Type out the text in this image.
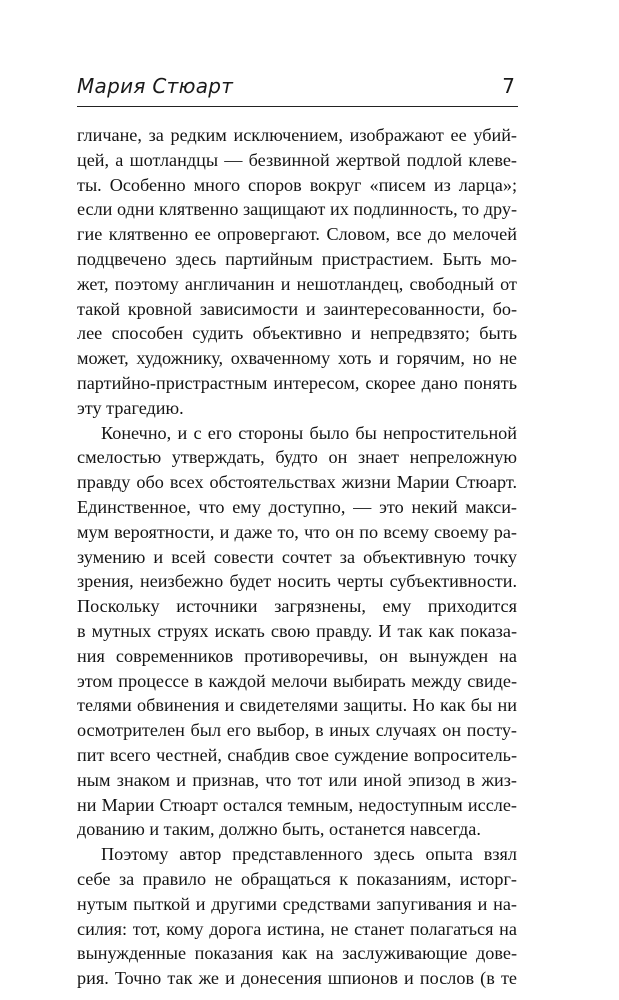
Мария Стюарт	7
гличане, за редким исключением, изображают ее убий-
цей, а шотландцы — безвинной жертвой подлой клеве-
ты. Особенно много споров вокруг «писем из ларца»;
если одни клятвенно защищают их подлинность, то дру-
гие клятвенно ее опровергают. Словом, все до мелочей
подцвечено здесь партийным пристрастием. Быть мо-
жет, поэтому англичанин и нешотландец, свободный от
такой кровной зависимости и заинтересованности, бо-
лее способен судить объективно и непредвзято; быть
может, художнику, охваченному хоть и горячим, но не
партийно-пристрастным интересом, скорее дано понять
эту трагедию.
Конечно, и с его стороны было бы непростительной
смелостью утверждать, будто он знает непреложную
правду обо всех обстоятельствах жизни Марии Стюарт.
Единственное, что ему доступно, — это некий макси-
мум вероятности, и даже то, что он по всему своему ра-
зумению и всей совести сочтет за объективную точку
зрения, неизбежно будет носить черты субъективности.
Поскольку источники загрязнены, ему приходится
в мутных струях искать свою правду. И так как показа-
ния современников противоречивы, он вынужден на
этом процессе в каждой мелочи выбирать между свиде-
телями обвинения и свидетелями защиты. Но как бы ни
осмотрителен был его выбор, в иных случаях он посту-
пит всего честней, снабдив свое суждение вопроситель-
ным знаком и признав, что тот или иной эпизод в жиз-
ни Марии Стюарт остался темным, недоступным иссле-
дованию и таким, должно быть, останется навсегда.
Поэтому автор представленного здесь опыта взял
себе за правило не обращаться к показаниям, исторг-
нутым пыткой и другими средствами запугивания и на-
силия: тот, кому дорога истина, не станет полагаться на
вынужденные показания как на заслуживающие дове-
рия. Точно так же и донесения шпионов и послов (в те
